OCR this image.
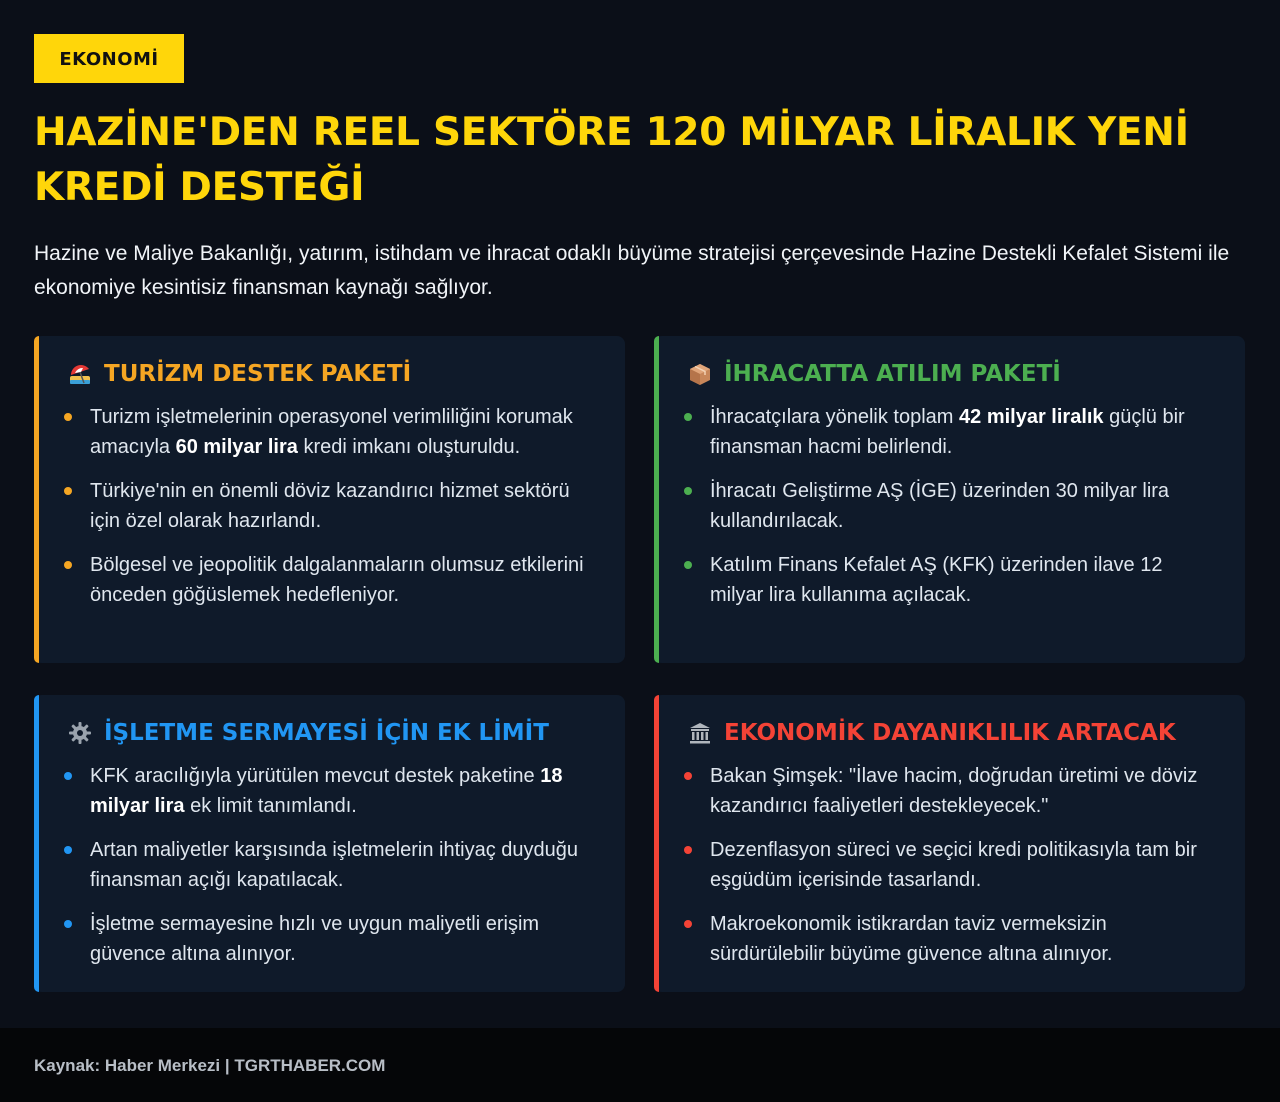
EKONOMİ
HAZİNE'DEN REEL SEKTÖRE 120 MİLYAR LİRALIK YENİ KREDİ DESTEĞİ
Hazine ve Maliye Bakanlığı, yatırım, istihdam ve ihracat odaklı büyüme stratejisi çerçevesinde Hazine Destekli Kefalet Sistemi ile ekonomiye kesintisiz finansman kaynağı sağlıyor.
TURİZM DESTEK PAKETİ
Turizm işletmelerinin operasyonel verimliliğini korumak amacıyla 60 milyar lira kredi imkanı oluşturuldu.
Türkiye'nin en önemli döviz kazandırıcı hizmet sektörü için özel olarak hazırlandı.
Bölgesel ve jeopolitik dalgalanmaların olumsuz etkilerini önceden göğüslemek hedefleniyor.
İHRACATTA ATILIM PAKETİ
İhracatçılara yönelik toplam 42 milyar liralık güçlü bir finansman hacmi belirlendi.
İhracatı Geliştirme AŞ (İGE) üzerinden 30 milyar lira kullandırılacak.
Katılım Finans Kefalet AŞ (KFK) üzerinden ilave 12 milyar lira kullanıma açılacak.
İŞLETME SERMAYESİ İÇİN EK LİMİT
KFK aracılığıyla yürütülen mevcut destek paketine 18 milyar lira ek limit tanımlandı.
Artan maliyetler karşısında işletmelerin ihtiyaç duyduğu finansman açığı kapatılacak.
İşletme sermayesine hızlı ve uygun maliyetli erişim güvence altına alınıyor.
EKONOMİK DAYANIKLILIK ARTACAK
Bakan Şimşek: "İlave hacim, doğrudan üretimi ve döviz kazandırıcı faaliyetleri destekleyecek."
Dezenflasyon süreci ve seçici kredi politikasıyla tam bir eşgüdüm içerisinde tasarlandı.
Makroekonomik istikrardan taviz vermeksizin sürdürülebilir büyüme güvence altına alınıyor.
Kaynak: Haber Merkezi | TGRTHABER.COM
